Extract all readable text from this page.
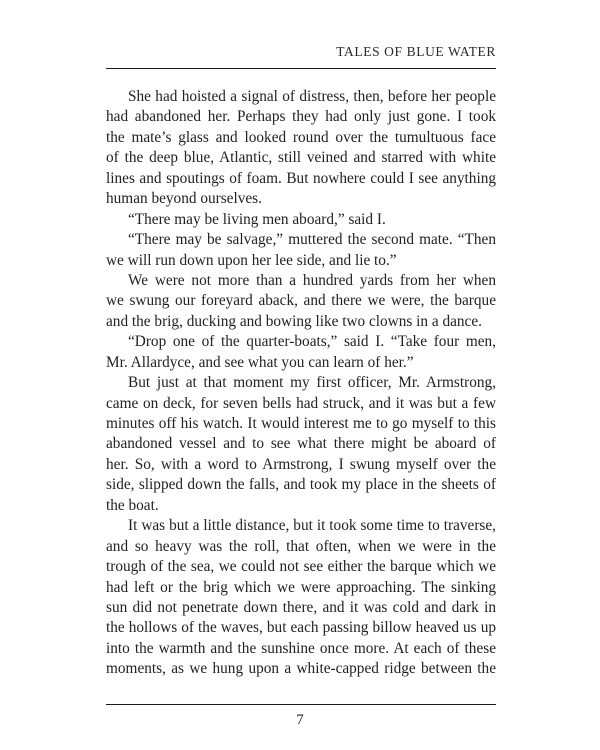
TALES OF BLUE WATER
She had hoisted a signal of distress, then, before her people
had abandoned her. Perhaps they had only just gone. I took
the mate’s glass and looked round over the tumultuous face
of the deep blue, Atlantic, still veined and starred with white
lines and spoutings of foam. But nowhere could I see anything
human beyond ourselves.
“There may be living men aboard,” said I.
“There may be salvage,” muttered the second mate. “Then
we will run down upon her lee side, and lie to.”
We were not more than a hundred yards from her when
we swung our foreyard aback, and there we were, the barque
and the brig, ducking and bowing like two clowns in a dance.
“Drop one of the quarter-boats,” said I. “Take four men,
Mr. Allardyce, and see what you can learn of her.”
But just at that moment my first officer, Mr. Armstrong,
came on deck, for seven bells had struck, and it was but a few
minutes off his watch. It would interest me to go myself to this
abandoned vessel and to see what there might be aboard of
her. So, with a word to Armstrong, I swung myself over the
side, slipped down the falls, and took my place in the sheets of
the boat.
It was but a little distance, but it took some time to traverse,
and so heavy was the roll, that often, when we were in the
trough of the sea, we could not see either the barque which we
had left or the brig which we were approaching. The sinking
sun did not penetrate down there, and it was cold and dark in
the hollows of the waves, but each passing billow heaved us up
into the warmth and the sunshine once more. At each of these
moments, as we hung upon a white-capped ridge between the
7
